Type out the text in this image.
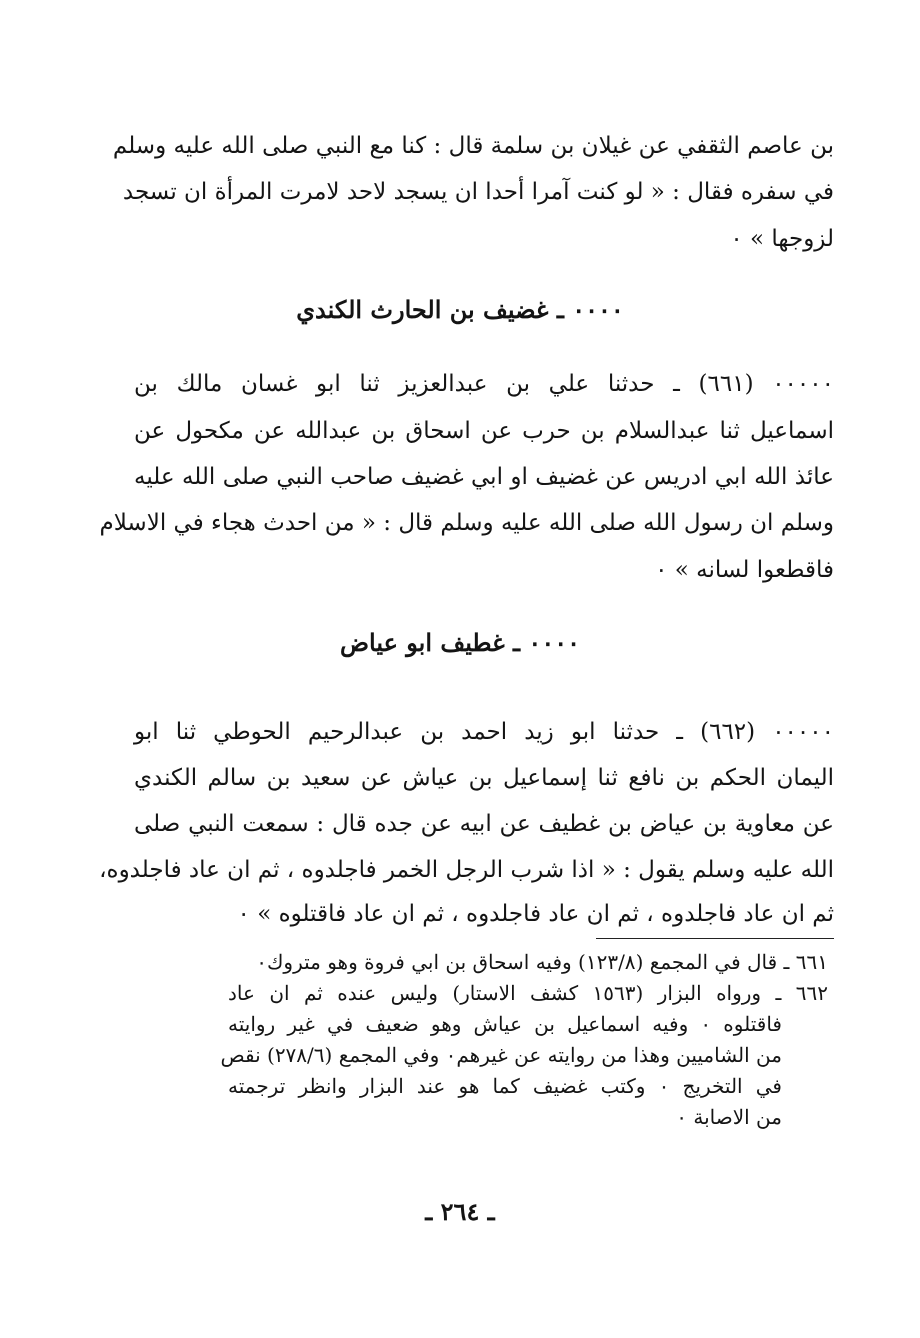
بن عاصم الثقفي عن غيلان بن سلمة قال : كنا مع النبي صلى الله عليه وسلم
في سفره فقال : « لو كنت آمرا أحدا ان يسجد لاحد لامرت المرأة ان تسجد
لزوجها » ٠
٠٠٠٠ ـ غضيف بن الحارث الكندي
٠٠٠٠٠ (٦٦١) ـ حدثنا علي بن عبدالعزيز ثنا ابو غسان مالك بن
اسماعيل ثنا عبدالسلام بن حرب عن اسحاق بن عبدالله عن مكحول عن
عائذ الله ابي ادريس عن غضيف او ابي غضيف صاحب النبي صلى الله عليه
وسلم ان رسول الله صلى الله عليه وسلم قال : « من احدث هجاء في الاسلام
فاقطعوا لسانه » ٠
٠٠٠٠ ـ غطيف ابو عياض
٠٠٠٠٠ (٦٦٢) ـ حدثنا ابو زيد احمد بن عبدالرحيم الحوطي ثنا ابو
اليمان الحكم بن نافع ثنا إسماعيل بن عياش عن سعيد بن سالم الكندي
عن معاوية بن عياض بن غطيف عن ابيه عن جده قال : سمعت النبي صلى
الله عليه وسلم يقول : « اذا شرب الرجل الخمر فاجلدوه ، ثم ان عاد فاجلدوه،
ثم ان عاد فاجلدوه ، ثم ان عاد فاجلدوه ، ثم ان عاد فاقتلوه » ٠
٦٦١ ـ قال في المجمع (١٢٣/٨) وفيه اسحاق بن ابي فروة وهو متروك٠
٦٦٢ ـ ورواه البزار (١٥٦٣ كشف الاستار) وليس عنده ثم ان عاد
فاقتلوه ٠ وفيه اسماعيل بن عياش وهو ضعيف في غير روايته
من الشاميين وهذا من روايته عن غيرهم٠ وفي المجمع (٢٧٨/٦) نقص
في التخريج ٠ وكتب غضيف كما هو عند البزار وانظر ترجمته
من الاصابة ٠
ـ ٢٦٤ ـ
